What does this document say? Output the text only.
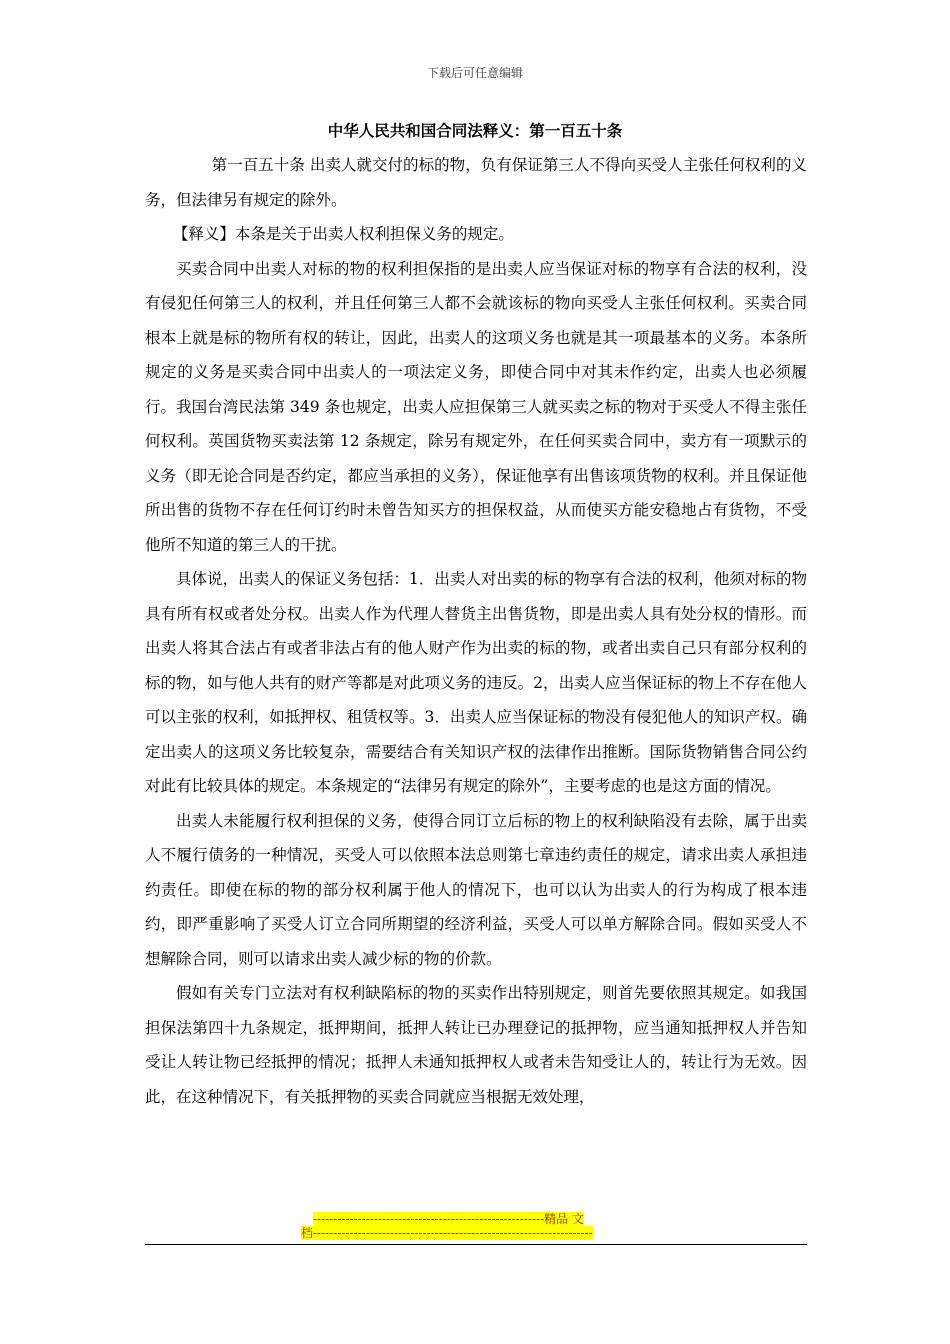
下载后可任意编辑
中华人民共和国合同法释义：第一百五十条

第一百五十条 出卖人就交付的标的物，负有保证第三人不得向买受人主张任何权利的义务，但法律另有规定的除外。

【释义】本条是关于出卖人权利担保义务的规定。

买卖合同中出卖人对标的物的权利担保指的是出卖人应当保证对标的物享有合法的权利，没有侵犯任何第三人的权利，并且任何第三人都不会就该标的物向买受人主张任何权利。买卖合同根本上就是标的物所有权的转让，因此，出卖人的这项义务也就是其一项最基本的义务。本条所规定的义务是买卖合同中出卖人的一项法定义务，即使合同中对其未作约定，出卖人也必须履行。我国台湾民法第 349 条也规定，出卖人应担保第三人就买卖之标的物对于买受人不得主张任何权利。英国货物买卖法第 12 条规定，除另有规定外，在任何买卖合同中，卖方有一项默示的义务（即无论合同是否约定，都应当承担的义务），保证他享有出售该项货物的权利。并且保证他所出售的货物不存在任何订约时未曾告知买方的担保权益，从而使买方能安稳地占有货物，不受他所不知道的第三人的干扰。

具体说，出卖人的保证义务包括：1．出卖人对出卖的标的物享有合法的权利，他须对标的物具有所有权或者处分权。出卖人作为代理人替货主出售货物，即是出卖人具有处分权的情形。而出卖人将其合法占有或者非法占有的他人财产作为出卖的标的物，或者出卖自己只有部分权利的标的物，如与他人共有的财产等都是对此项义务的违反。2，出卖人应当保证标的物上不存在他人可以主张的权利，如抵押权、租赁权等。3．出卖人应当保证标的物没有侵犯他人的知识产权。确定出卖人的这项义务比较复杂，需要结合有关知识产权的法律作出推断。国际货物销售合同公约对此有比较具体的规定。本条规定的“法律另有规定的除外”，主要考虑的也是这方面的情况。

出卖人未能履行权利担保的义务，使得合同订立后标的物上的权利缺陷没有去除，属于出卖人不履行债务的一种情况，买受人可以依照本法总则第七章违约责任的规定，请求出卖人承担违约责任。即使在标的物的部分权利属于他人的情况下，也可以认为出卖人的行为构成了根本违约，即严重影响了买受人订立合同所期望的经济利益，买受人可以单方解除合同。假如买受人不想解除合同，则可以请求出卖人减少标的物的价款。

假如有关专门立法对有权利缺陷标的物的买卖作出特别规定，则首先要依照其规定。如我国担保法第四十九条规定，抵押期间，抵押人转让已办理登记的抵押物，应当通知抵押权人并告知受让人转让物已经抵押的情况；抵押人未通知抵押权人或者未告知受让人的，转让行为无效。因此，在这种情况下，有关抵押物的买卖合同就应当根据无效处理，

---------------------------------------------------------精品 文
档---------------------------------------------------------------------
